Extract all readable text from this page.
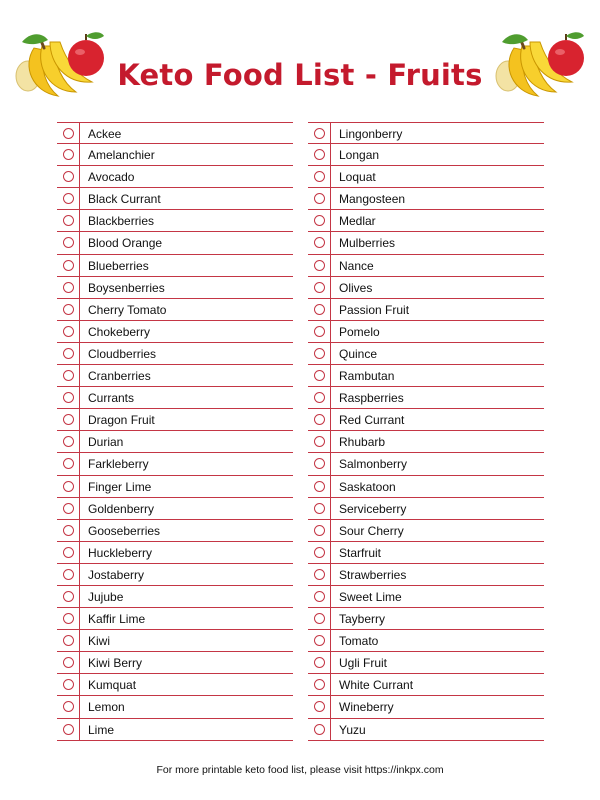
Keto Food List - Fruits
Ackee
Amelanchier
Avocado
Black Currant
Blackberries
Blood Orange
Blueberries
Boysenberries
Cherry Tomato
Chokeberry
Cloudberries
Cranberries
Currants
Dragon Fruit
Durian
Farkleberry
Finger Lime
Goldenberry
Gooseberries
Huckleberry
Jostaberry
Jujube
Kaffir Lime
Kiwi
Kiwi Berry
Kumquat
Lemon
Lime
Lingonberry
Longan
Loquat
Mangosteen
Medlar
Mulberries
Nance
Olives
Passion Fruit
Pomelo
Quince
Rambutan
Raspberries
Red Currant
Rhubarb
Salmonberry
Saskatoon
Serviceberry
Sour Cherry
Starfruit
Strawberries
Sweet Lime
Tayberry
Tomato
Ugli Fruit
White Currant
Wineberry
Yuzu
For more printable keto food list, please visit https://inkpx.com
